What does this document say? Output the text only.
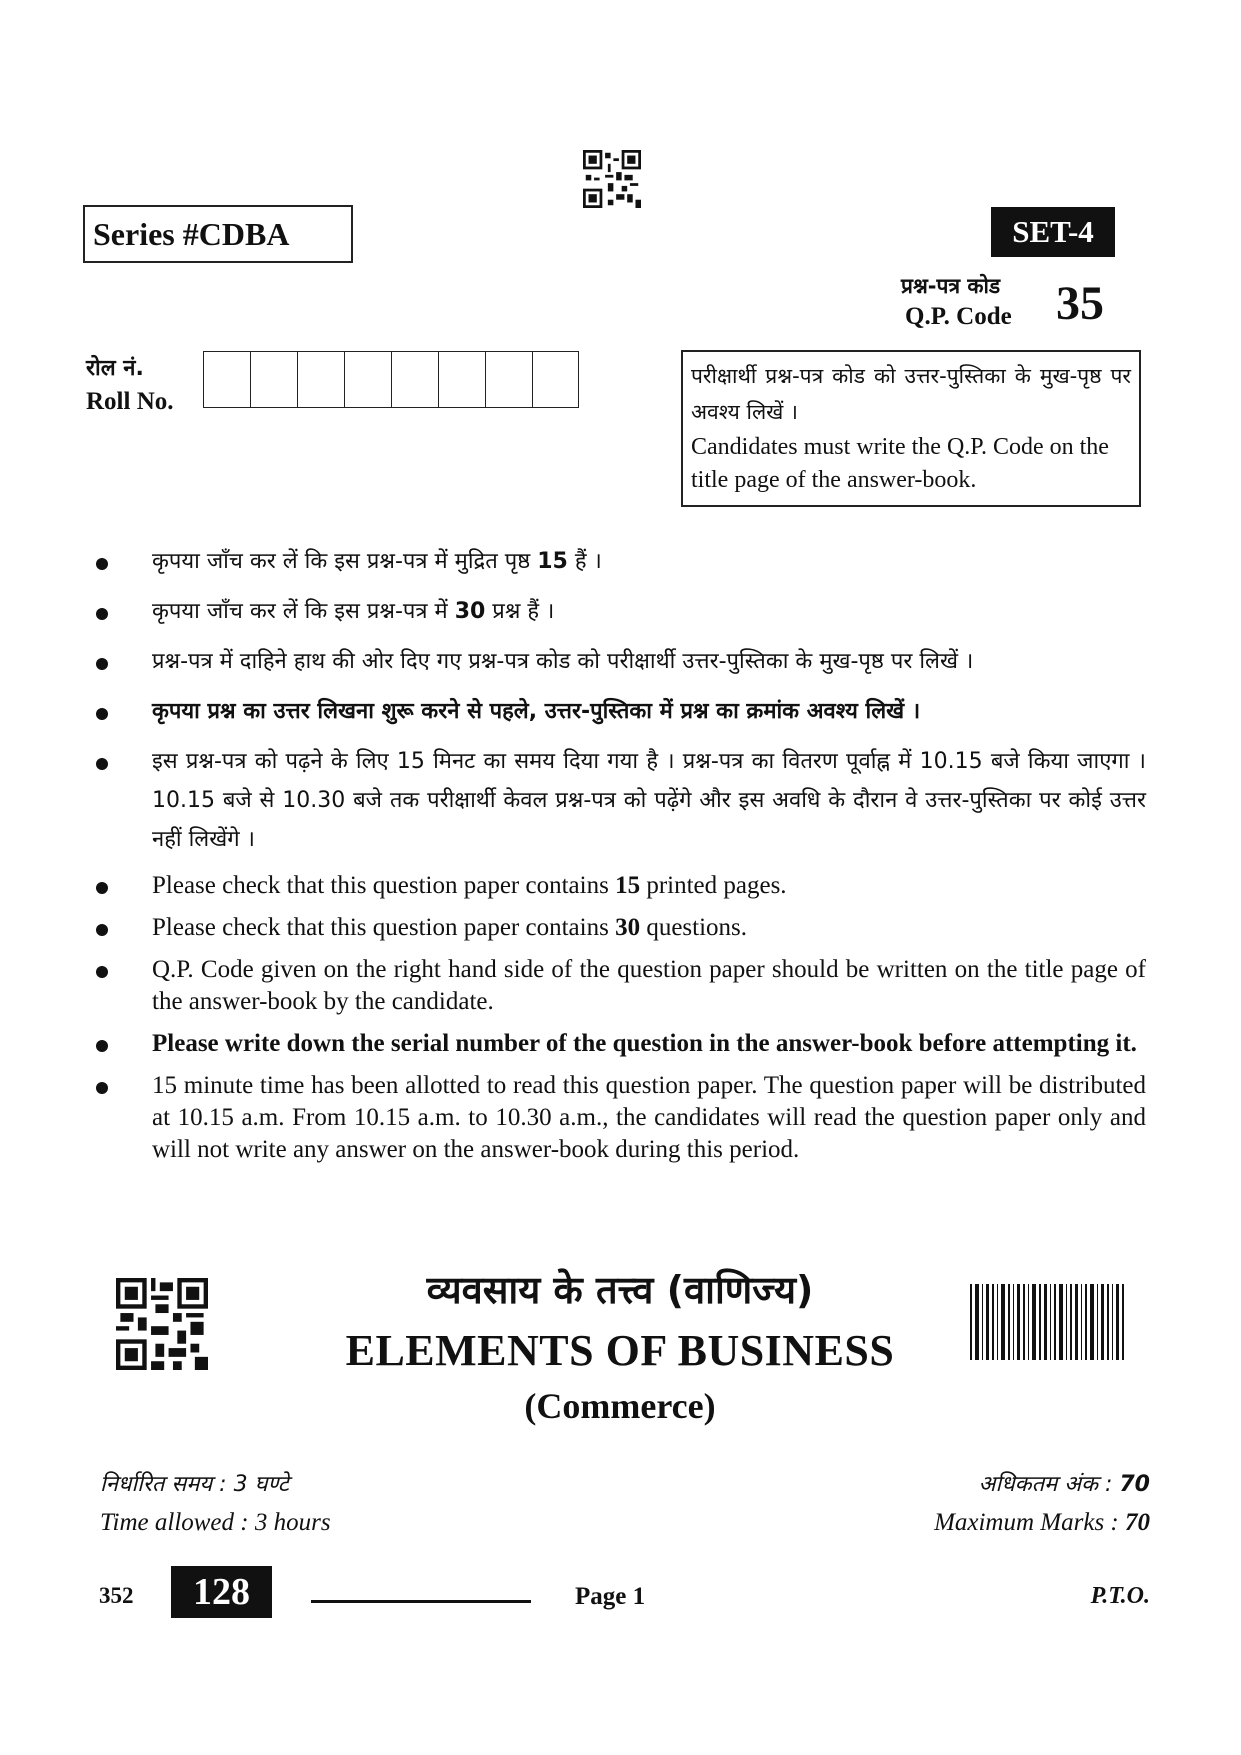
Series #CDBA	SET-4
प्रश्न-पत्र कोड
Q.P. Code 35
रोल नं.
Roll No.
परीक्षार्थी प्रश्न-पत्र कोड को उत्तर-पुस्तिका के मुख-पृष्ठ पर अवश्य लिखें ।
Candidates must write the Q.P. Code on the title page of the answer-book.
कृपया जाँच कर लें कि इस प्रश्न-पत्र में मुद्रित पृष्ठ 15 हैं ।
कृपया जाँच कर लें कि इस प्रश्न-पत्र में 30 प्रश्न हैं ।
प्रश्न-पत्र में दाहिने हाथ की ओर दिए गए प्रश्न-पत्र कोड को परीक्षार्थी उत्तर-पुस्तिका के मुख-पृष्ठ पर लिखें ।
कृपया प्रश्न का उत्तर लिखना शुरू करने से पहले, उत्तर-पुस्तिका में प्रश्न का क्रमांक अवश्य लिखें ।
इस प्रश्न-पत्र को पढ़ने के लिए 15 मिनट का समय दिया गया है । प्रश्न-पत्र का वितरण पूर्वाह्न में 10.15 बजे किया जाएगा । 10.15 बजे से 10.30 बजे तक परीक्षार्थी केवल प्रश्न-पत्र को पढ़ेंगे और इस अवधि के दौरान वे उत्तर-पुस्तिका पर कोई उत्तर नहीं लिखेंगे ।
Please check that this question paper contains 15 printed pages.
Please check that this question paper contains 30 questions.
Q.P. Code given on the right hand side of the question paper should be written on the title page of the answer-book by the candidate.
Please write down the serial number of the question in the answer-book before attempting it.
15 minute time has been allotted to read this question paper. The question paper will be distributed at 10.15 a.m. From 10.15 a.m. to 10.30 a.m., the candidates will read the question paper only and will not write any answer on the answer-book during this period.
व्यवसाय के तत्त्व (वाणिज्य)
ELEMENTS OF BUSINESS
(Commerce)
निर्धारित समय : 3 घण्टे
Time allowed : 3 hours
अधिकतम अंक : 70
Maximum Marks : 70
352	128	Page 1	P.T.O.
